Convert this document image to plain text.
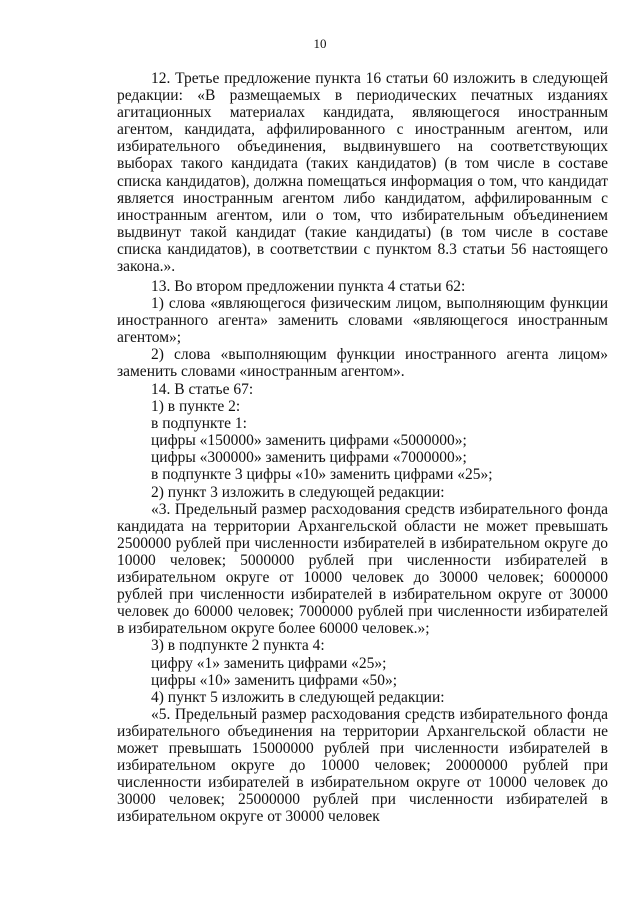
10

12. Третье предложение пункта 16 статьи 60 изложить в следующей редакции: «В размещаемых в периодических печатных изданиях агитационных материалах кандидата, являющегося иностранным агентом, кандидата, аффилированного с иностранным агентом, или избирательного объединения, выдвинувшего на соответствующих выборах такого кандидата (таких кандидатов) (в том числе в составе списка кандидатов), должна помещаться информация о том, что кандидат является иностранным агентом либо кандидатом, аффилированным с иностранным агентом, или о том, что избирательным объединением выдвинут такой кандидат (такие кандидаты) (в том числе в составе списка кандидатов), в соответствии с пунктом 8.3 статьи 56 настоящего закона.».

13. Во втором предложении пункта 4 статьи 62:

1) слова «являющегося физическим лицом, выполняющим функции иностранного агента» заменить словами «являющегося иностранным агентом»;

2) слова «выполняющим функции иностранного агента лицом» заменить словами «иностранным агентом».

14. В статье 67:

1) в пункте 2:

в подпункте 1:

цифры «150000» заменить цифрами «5000000»;

цифры «300000» заменить цифрами «7000000»;

в подпункте 3 цифры «10» заменить цифрами «25»;

2) пункт 3 изложить в следующей редакции:

«3. Предельный размер расходования средств избирательного фонда кандидата на территории Архангельской области не может превышать 2500000 рублей при численности избирателей в избирательном округе до 10000 человек; 5000000 рублей при численности избирателей в избирательном округе от 10000 человек до 30000 человек; 6000000 рублей при численности избирателей в избирательном округе от 30000 человек до 60000 человек; 7000000 рублей при численности избирателей в избирательном округе более 60000 человек.»;

3) в подпункте 2 пункта 4:

цифру «1» заменить цифрами «25»;

цифры «10» заменить цифрами «50»;

4) пункт 5 изложить в следующей редакции:

«5. Предельный размер расходования средств избирательного фонда избирательного объединения на территории Архангельской области не может превышать 15000000 рублей при численности избирателей в избирательном округе до 10000 человек; 20000000 рублей при численности избирателей в избирательном округе от 10000 человек до 30000 человек; 25000000 рублей при численности избирателей в избирательном округе от 30000 человек
